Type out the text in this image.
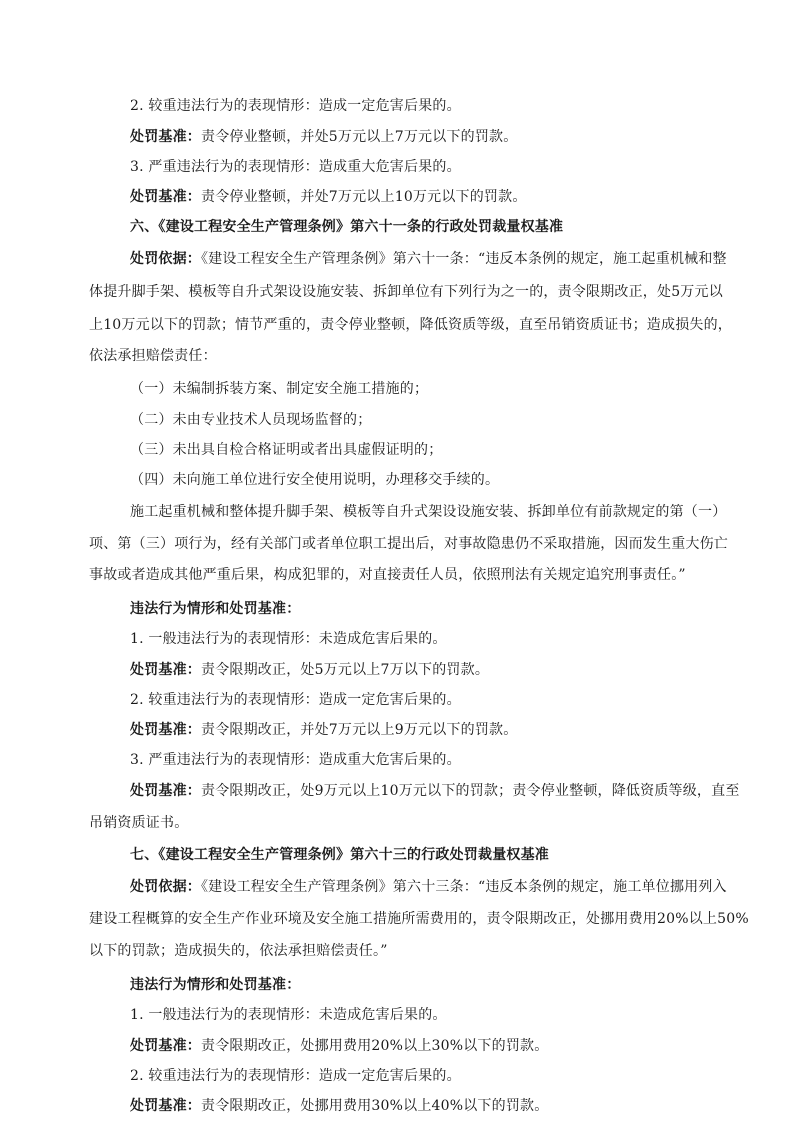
2. 较重违法行为的表现情形：造成一定危害后果的。
处罚基准：责令停业整顿，并处5万元以上7万元以下的罚款。
3. 严重违法行为的表现情形：造成重大危害后果的。
处罚基准：责令停业整顿，并处7万元以上10万元以下的罚款。
六、《建设工程安全生产管理条例》第六十一条的行政处罚裁量权基准
处罚依据：《建设工程安全生产管理条例》第六十一条：“违反本条例的规定，施工起重机械和整
体提升脚手架、模板等自升式架设设施安装、拆卸单位有下列行为之一的，责令限期改正，处5万元以
上10万元以下的罚款；情节严重的，责令停业整顿，降低资质等级，直至吊销资质证书；造成损失的，
依法承担赔偿责任：
（一）未编制拆装方案、制定安全施工措施的；
（二）未由专业技术人员现场监督的；
（三）未出具自检合格证明或者出具虚假证明的；
（四）未向施工单位进行安全使用说明，办理移交手续的。
施工起重机械和整体提升脚手架、模板等自升式架设设施安装、拆卸单位有前款规定的第（一）
项、第（三）项行为，经有关部门或者单位职工提出后，对事故隐患仍不采取措施，因而发生重大伤亡
事故或者造成其他严重后果，构成犯罪的，对直接责任人员，依照刑法有关规定追究刑事责任。”
违法行为情形和处罚基准：
1. 一般违法行为的表现情形：未造成危害后果的。
处罚基准：责令限期改正，处5万元以上7万以下的罚款。
2. 较重违法行为的表现情形：造成一定危害后果的。
处罚基准：责令限期改正，并处7万元以上9万元以下的罚款。
3. 严重违法行为的表现情形：造成重大危害后果的。
处罚基准：责令限期改正，处9万元以上10万元以下的罚款；责令停业整顿，降低资质等级，直至
吊销资质证书。
七、《建设工程安全生产管理条例》第六十三的行政处罚裁量权基准
处罚依据：《建设工程安全生产管理条例》第六十三条：“违反本条例的规定，施工单位挪用列入
建设工程概算的安全生产作业环境及安全施工措施所需费用的，责令限期改正，处挪用费用20%以上50%
以下的罚款；造成损失的，依法承担赔偿责任。”
违法行为情形和处罚基准：
1. 一般违法行为的表现情形：未造成危害后果的。
处罚基准：责令限期改正，处挪用费用20%以上30%以下的罚款。
2. 较重违法行为的表现情形：造成一定危害后果的。
处罚基准：责令限期改正，处挪用费用30%以上40%以下的罚款。
